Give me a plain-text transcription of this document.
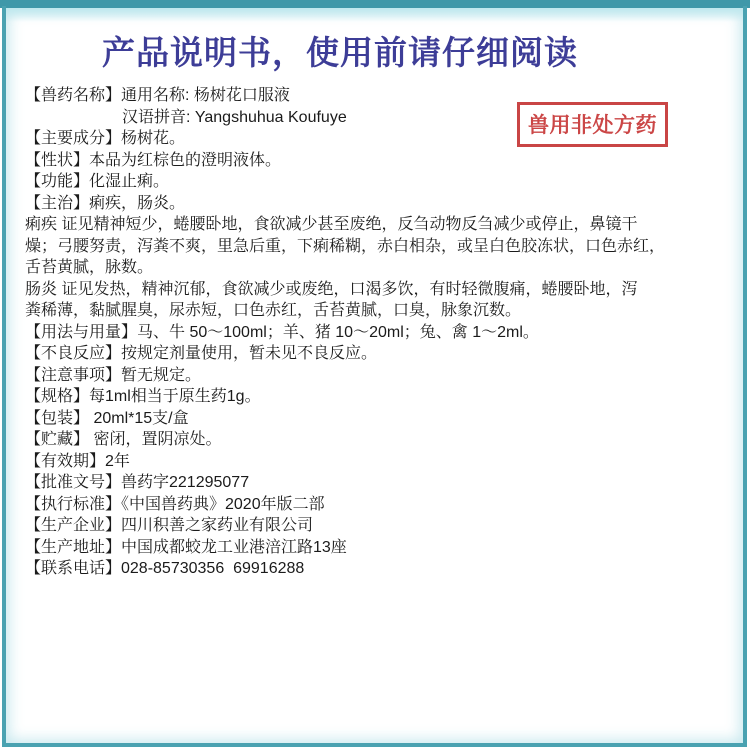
产品说明书，使用前请仔细阅读
兽用非处方药
【兽药名称】通用名称: 杨树花口服液
汉语拼音: Yangshuhua Koufuye
【主要成分】杨树花。
【性状】本品为红棕色的澄明液体。
【功能】化湿止痢。
【主治】痢疾，肠炎。
痢疾 证见精神短少，蜷腰卧地，食欲减少甚至废绝，反刍动物反刍减少或停止，鼻镜干
燥；弓腰努责，泻粪不爽，里急后重，下痢稀糊，赤白相杂，或呈白色胶冻状，口色赤红，
舌苔黄腻，脉数。
肠炎 证见发热，精神沉郁，食欲减少或废绝，口渴多饮，有时轻微腹痛，蜷腰卧地，泻
粪稀薄，黏腻腥臭，尿赤短，口色赤红，舌苔黄腻，口臭，脉象沉数。
【用法与用量】马、牛 50～100ml；羊、猪 10～20ml；兔、禽 1～2ml。
【不良反应】按规定剂量使用，暂未见不良反应。
【注意事项】暂无规定。
【规格】每1ml相当于原生药1g。
【包装】 20ml*15支/盒
【贮藏】 密闭，置阴凉处。
【有效期】2年
【批准文号】兽药字221295077
【执行标准】《中国兽药典》2020年版二部
【生产企业】四川积善之家药业有限公司
【生产地址】中国成都蛟龙工业港涪江路13座
【联系电话】028-85730356  69916288
